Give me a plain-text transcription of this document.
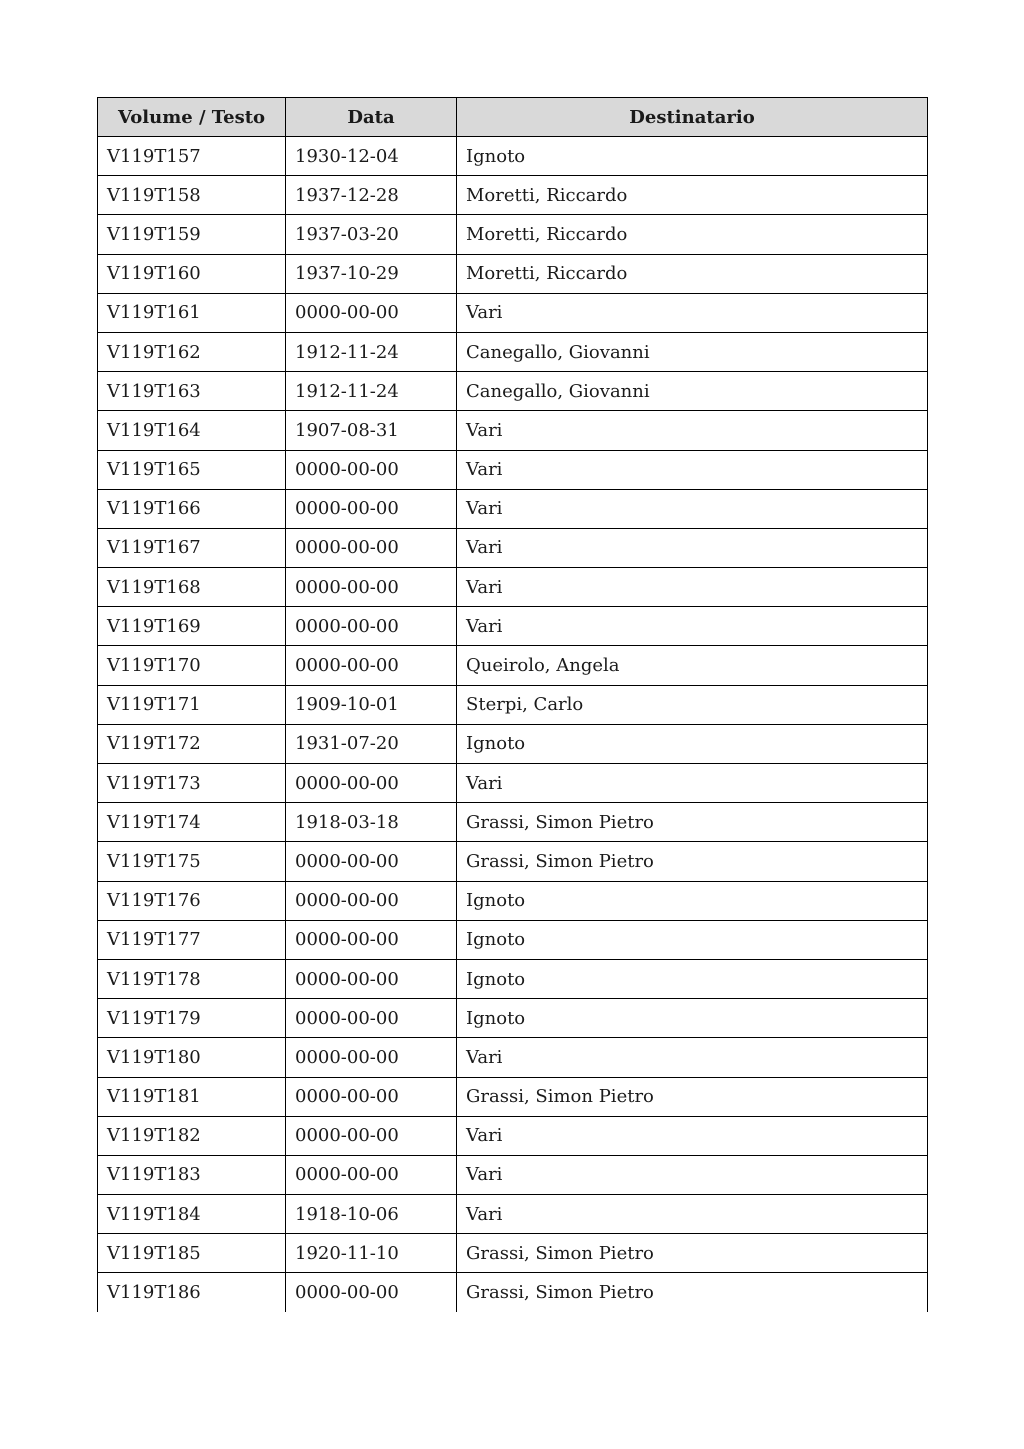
Volume / Testo	Data	Destinatario
V119T157	1930-12-04	Ignoto
V119T158	1937-12-28	Moretti, Riccardo
V119T159	1937-03-20	Moretti, Riccardo
V119T160	1937-10-29	Moretti, Riccardo
V119T161	0000-00-00	Vari
V119T162	1912-11-24	Canegallo, Giovanni
V119T163	1912-11-24	Canegallo, Giovanni
V119T164	1907-08-31	Vari
V119T165	0000-00-00	Vari
V119T166	0000-00-00	Vari
V119T167	0000-00-00	Vari
V119T168	0000-00-00	Vari
V119T169	0000-00-00	Vari
V119T170	0000-00-00	Queirolo, Angela
V119T171	1909-10-01	Sterpi, Carlo
V119T172	1931-07-20	Ignoto
V119T173	0000-00-00	Vari
V119T174	1918-03-18	Grassi, Simon Pietro
V119T175	0000-00-00	Grassi, Simon Pietro
V119T176	0000-00-00	Ignoto
V119T177	0000-00-00	Ignoto
V119T178	0000-00-00	Ignoto
V119T179	0000-00-00	Ignoto
V119T180	0000-00-00	Vari
V119T181	0000-00-00	Grassi, Simon Pietro
V119T182	0000-00-00	Vari
V119T183	0000-00-00	Vari
V119T184	1918-10-06	Vari
V119T185	1920-11-10	Grassi, Simon Pietro
V119T186	0000-00-00	Grassi, Simon Pietro
